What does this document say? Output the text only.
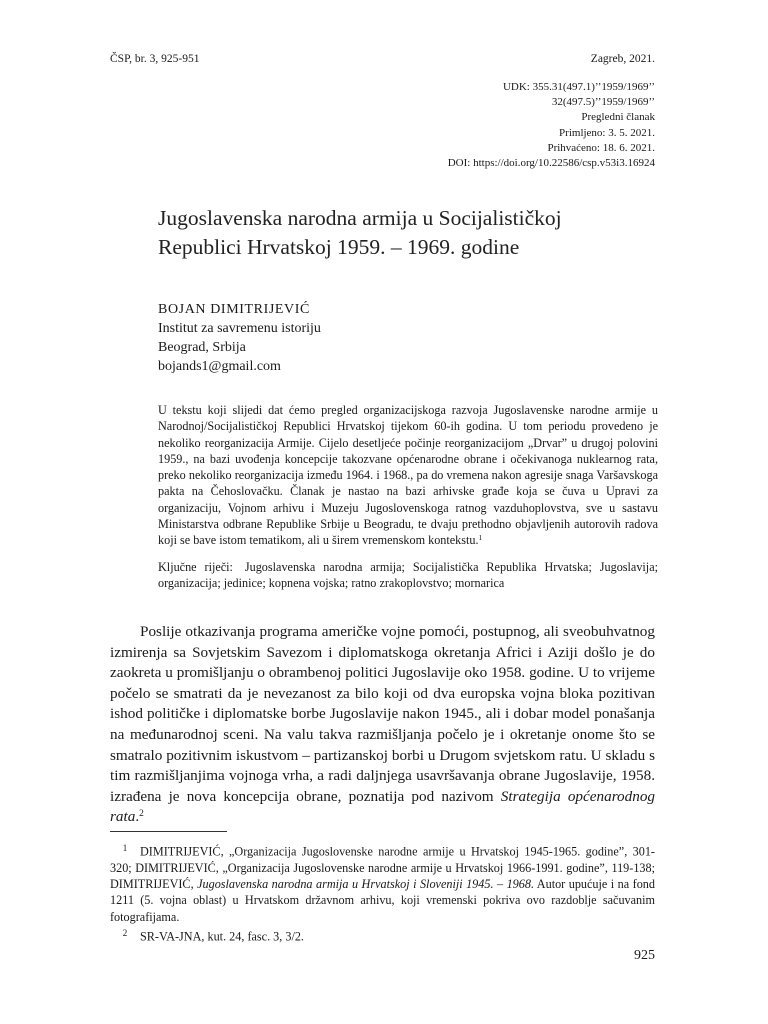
ČSP, br. 3, 925-951	Zagreb, 2021.
UDK: 355.31(497.1)’’1959/1969’’
32(497.5)’’1959/1969’’
Pregledni članak
Primljeno: 3. 5. 2021.
Prihvaćeno: 18. 6. 2021.
DOI: https://doi.org/10.22586/csp.v53i3.16924
Jugoslavenska narodna armija u Socijalističkoj
Republici Hrvatskoj 1959. – 1969. godine
BOJAN DIMITRIJEVIĆ
Institut za savremenu istoriju
Beograd, Srbija
bojands1@gmail.com

U tekstu koji slijedi dat ćemo pregled organizacijskoga razvoja Jugoslavenske narodne armije u Narodnoj/Socijalističkoj Republici Hrvatskoj tijekom 60-ih godina. U tom periodu provedeno je nekoliko reorganizacija Armije. Cijelo desetljeće počinje reorganizacijom „Drvar” u drugoj polovini 1959., na bazi uvođenja koncepcije takozvane općenarodne obrane i očekivanoga nuklearnog rata, preko nekoliko reorganizacija između 1964. i 1968., pa do vremena nakon agresije snaga Varšavskoga pakta na Čehoslovačku. Članak je nastao na bazi arhivske građe koja se čuva u Upravi za organizaciju, Vojnom arhivu i Muzeju Jugoslovenskoga ratnog vazduhoplovstva, sve u sastavu Ministarstva odbrane Republike Srbije u Beogradu, te dvaju prethodno objavljenih autorovih radova koji se bave istom tematikom, ali u širem vremenskom kontekstu.$^1$

Ključne riječi: Jugoslavenska narodna armija; Socijalistička Republika Hrvatska; Jugoslavija; organizacija; jedinice; kopnena vojska; ratno zrakoplovstvo; mornarica

Poslije otkazivanja programa američke vojne pomoći, postupnog, ali sveobuhvatnog izmirenja sa Sovjetskim Savezom i diplomatskoga okretanja Africi i Aziji došlo je do zaokreta u promišljanju o obrambenoj politici Jugoslavije oko 1958. godine. U to vrijeme počelo se smatrati da je nevezanost za bilo koji od dva europska vojna bloka pozitivan ishod političke i diplomatske borbe Jugoslavije nakon 1945., ali i dobar model ponašanja na međunarodnoj sceni. Na valu takva razmišljanja počelo je i okretanje onome što se smatralo pozitivnim iskustvom – partizanskoj borbi u Drugom svjetskom ratu. U skladu s tim razmišljanjima vojnoga vrha, a radi daljnjega usavršavanja obrane Jugoslavije, 1958. izrađena je nova koncepcija obrane, poznatija pod nazivom Strategija općenarodnog rata.$^2$

1 DIMITRIJEVIĆ, „Organizacija Jugoslovenske narodne armije u Hrvatskoj 1945-1965. godine”, 301-320; DIMITRIJEVIĆ, „Organizacija Jugoslovenske narodne armije u Hrvatskoj 1966-1991. godine”, 119-138; DIMITRIJEVIĆ, Jugoslavenska narodna armija u Hrvatskoj i Sloveniji 1945. – 1968. Autor upućuje i na fond 1211 (5. vojna oblast) u Hrvatskom državnom arhivu, koji vremenski pokriva ovo razdoblje sačuvanim fotografijama.
2 SR-VA-JNA, kut. 24, fasc. 3, 3/2.
925
